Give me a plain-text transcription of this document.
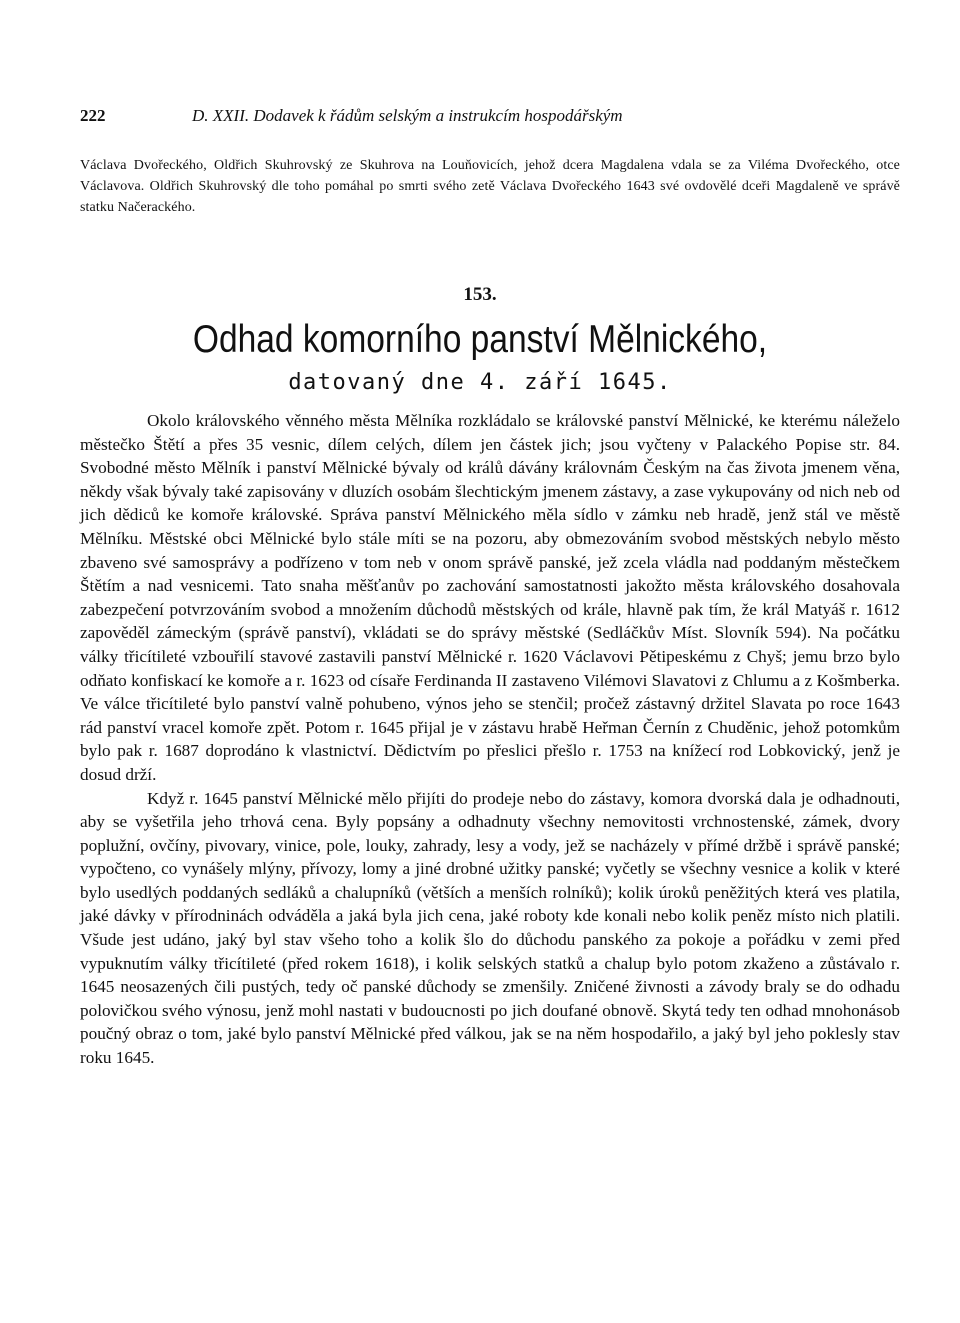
222	D. XXII. Dodavek k řádům selským a instrukcím hospodářským
Václava Dvořeckého, Oldřich Skuhrovský ze Skuhrova na Louňovicích, jehož dcera Magdalena vdala se za Viléma Dvořeckého, otce Václavova. Oldřich Skuhrovský dle toho pomáhal po smrti svého zetě Václava Dvořeckého 1643 své ovdovělé dceři Magdaleně ve správě statku Načerackého.
153.
Odhad komorního panství Mělnického,
datovaný dne 4. září 1645.

Okolo královského věnného města Mělníka rozkládalo se královské panství Mělnické, ke kterému náleželo městečko Štětí a přes 35 vesnic, dílem celých, dílem jen částek jich; jsou vyčteny v Palackého Popise str. 84. Svobodné město Mělník i panství Mělnické bývaly od králů dávány královnám Českým na čas života jmenem věna, někdy však bývaly také zapisovány v dluzích osobám šlechtickým jmenem zástavy, a zase vykupovány od nich neb od jich dědiců ke komoře královské. Správa panství Mělnického měla sídlo v zámku neb hradě, jenž stál ve městě Mělníku. Městské obci Mělnické bylo stále míti se na pozoru, aby obmezováním svobod městských nebylo město zbaveno své samosprávy a podřízeno v tom neb v onom správě panské, jež zcela vládla nad poddaným městečkem Štětím a nad vesnicemi. Tato snaha měšťanův po zachování samostatnosti jakožto města královského dosahovala zabezpečení potvrzováním svobod a množením důchodů městských od krále, hlavně pak tím, že král Matyáš r. 1612 zapověděl zámeckým (správě panství), vkládati se do správy městské (Sedláčkův Míst. Slovník 594). Na počátku války třicítileté vzbouřilí stavové zastavili panství Mělnické r. 1620 Václavovi Pětipeskému z Chyš; jemu brzo bylo odňato konfiskací ke komoře a r. 1623 od císaře Ferdinanda II zastaveno Vilémovi Slavatovi z Chlumu a z Košmberka. Ve válce třicítileté bylo panství valně pohubeno, výnos jeho se stenčil; pročež zástavný držitel Slavata po roce 1643 rád panství vracel komoře zpět. Potom r. 1645 přijal je v zástavu hrabě Heřman Černín z Chuděnic, jehož potomkům bylo pak r. 1687 doprodáno k vlastnictví. Dědictvím po přeslici přešlo r. 1753 na knížecí rod Lobkovický, jenž je dosud drží.

Když r. 1645 panství Mělnické mělo přijíti do prodeje nebo do zástavy, komora dvorská dala je odhadnouti, aby se vyšetřila jeho trhová cena. Byly popsány a odhadnuty všechny nemovitosti vrchnostenské, zámek, dvory poplužní, ovčíny, pivovary, vinice, pole, louky, zahrady, lesy a vody, jež se nacházely v přímé držbě i správě panské; vypočteno, co vynášely mlýny, přívozy, lomy a jiné drobné užitky panské; vyčetly se všechny vesnice a kolik v které bylo usedlých poddaných sedláků a chalupníků (větších a menších rolníků); kolik úroků peněžitých která ves platila, jaké dávky v přírodninách odváděla a jaká byla jich cena, jaké roboty kde konali nebo kolik peněz místo nich platili. Všude jest udáno, jaký byl stav všeho toho a kolik šlo do důchodu panského za pokoje a pořádku v zemi před vypuknutím války třicítileté (před rokem 1618), i kolik selských statků a chalup bylo potom zkaženo a zůstávalo r. 1645 neosazených čili pustých, tedy oč panské důchody se zmenšily. Zničené živnosti a závody braly se do odhadu polovičkou svého výnosu, jenž mohl nastati v budoucnosti po jich doufané obnově. Skytá tedy ten odhad mnohonásob poučný obraz o tom, jaké bylo panství Mělnické před válkou, jak se na něm hospodařilo, a jaký byl jeho poklesly stav roku 1645.
